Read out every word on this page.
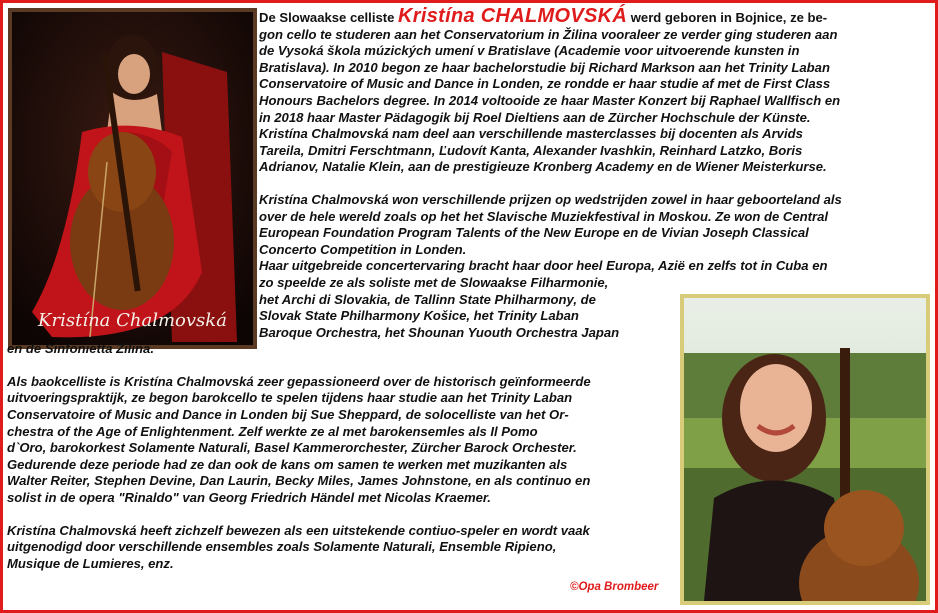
Kristína Chalmovská

De Slowaakse celliste Kristína CHALMOVSKÁ werd geboren in Bojnice, ze be-

gon cello te studeren aan het Conservatorium in Žilina vooraleer ze verder ging studeren aan

de Vysoká škola múzických umení v Bratislave (Academie voor uitvoerende kunsten in

Bratislava). In 2010 begon ze haar bachelorstudie bij Richard Markson aan het Trinity Laban

Conservatoire of Music and Dance in Londen, ze rondde er haar studie af met de First Class

Honours Bachelors degree. In 2014 voltooide ze haar Master Konzert bij Raphael Wallfisch en

in 2018 haar Master Pädagogik bij Roel Dieltiens aan de Zürcher Hochschule der Künste.

Kristína Chalmovská nam deel aan verschillende masterclasses bij docenten als Arvids

Tareila, Dmitri Ferschtmann, Ľudovít Kanta, Alexander Ivashkin, Reinhard Latzko, Boris

Adrianov, Natalie Klein, aan de prestigieuze Kronberg Academy en de Wiener Meisterkurse.

Kristína Chalmovská won verschillende prijzen op wedstrijden zowel in haar geboorteland als

over de hele wereld zoals op het het Slavische Muziekfestival in Moskou. Ze won de Central

European Foundation Program Talents of the New Europe en de Vivian Joseph Classical

Concerto Competition in Londen.

Haar uitgebreide concertervaring bracht haar door heel Europa, Azië en zelfs tot in Cuba en

zo speelde ze als soliste met de Slowaakse Filharmonie,

het Archi di Slovakia, de Tallinn State Philharmony, de

Slovak State Philharmony Košice, het Trinity Laban

Baroque Orchestra, het Shounan Yuouth Orchestra Japan

en de Sinfonietta Žilina.

Als baokcelliste is Kristína Chalmovská zeer gepassioneerd over de historisch geïnformeerde

uitvoeringspraktijk, ze begon barokcello te spelen tijdens haar studie aan het Trinity Laban

Conservatoire of Music and Dance in Londen bij Sue Sheppard, de solocelliste van het Or-

chestra of the Age of Enlightenment. Zelf werkte ze al met barokensemles als Il Pomo

d`Oro, barokorkest Solamente Naturali, Basel Kammerorchester, Zürcher Barock Orchester.

Gedurende deze periode had ze dan ook de kans om samen te werken met muzikanten als

Walter Reiter, Stephen Devine, Dan Laurin, Becky Miles, James Johnstone, en als continuo en

solist in de opera "Rinaldo" van Georg Friedrich Händel met Nicolas Kraemer.

Kristína Chalmovská heeft zichzelf bewezen als een uitstekende contiuo-speler en wordt vaak

uitgenodigd door verschillende ensembles zoals Solamente Naturali, Ensemble Ripieno,

Musique de Lumieres, enz.

©Opa Brombeer
